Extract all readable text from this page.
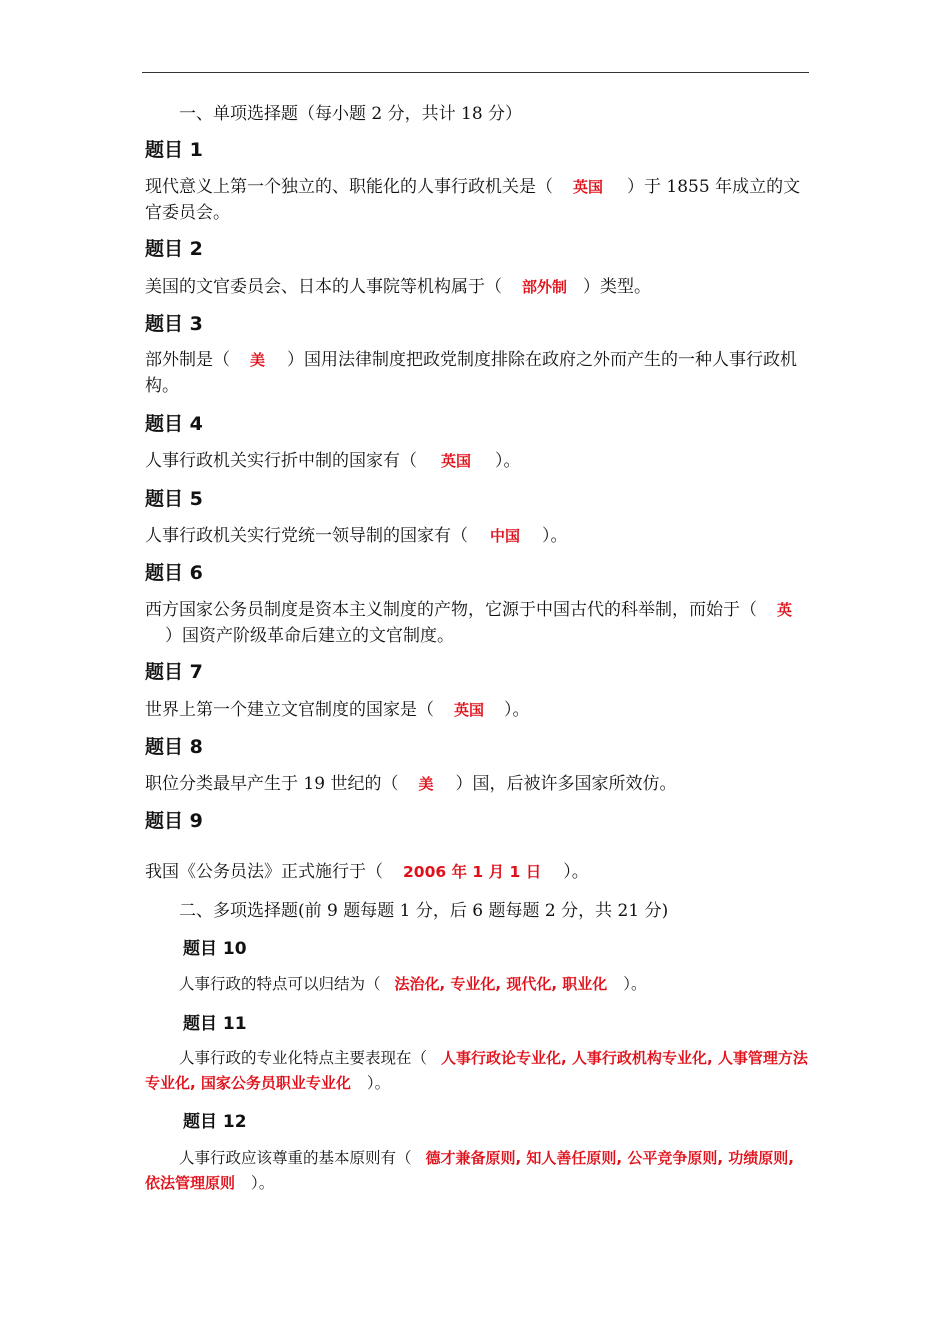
一、单项选择题（每小题 2 分，共计 18 分）

题目 1

现代意义上第一个独立的、职能化的人事行政机关是（ 英国 ）于 1855 年成立的文官委员会。

题目 2

美国的文官委员会、日本的人事院等机构属于（ 部外制 ）类型。

题目 3

部外制是（ 美 ）国用法律制度把政党制度排除在政府之外而产生的一种人事行政机构。

题目 4

人事行政机关实行折中制的国家有（ 英国 ）。

题目 5

人事行政机关实行党统一领导制的国家有（ 中国 ）。

题目 6

西方国家公务员制度是资本主义制度的产物，它源于中国古代的科举制，而始于（ 英）国资产阶级革命后建立的文官制度。

题目 7

世界上第一个建立文官制度的国家是（ 英国 ）。

题目 8

职位分类最早产生于 19 世纪的（ 美 ）国，后被许多国家所效仿。

题目 9

我国《公务员法》正式施行于（ 2006 年 1 月 1 日 ）。

二、多项选择题(前 9 题每题 1 分，后 6 题每题 2 分，共 21 分)

题目 10

人事行政的特点可以归结为（ 法治化, 专业化, 现代化, 职业化 ）。

题目 11

人事行政的专业化特点主要表现在（ 人事行政论专业化, 人事行政机构专业化, 人事管理方法专业化, 国家公务员职业专业化 ）。

题目 12

人事行政应该尊重的基本原则有（ 德才兼备原则, 知人善任原则, 公平竞争原则, 功绩原则, 依法管理原则 ）。
